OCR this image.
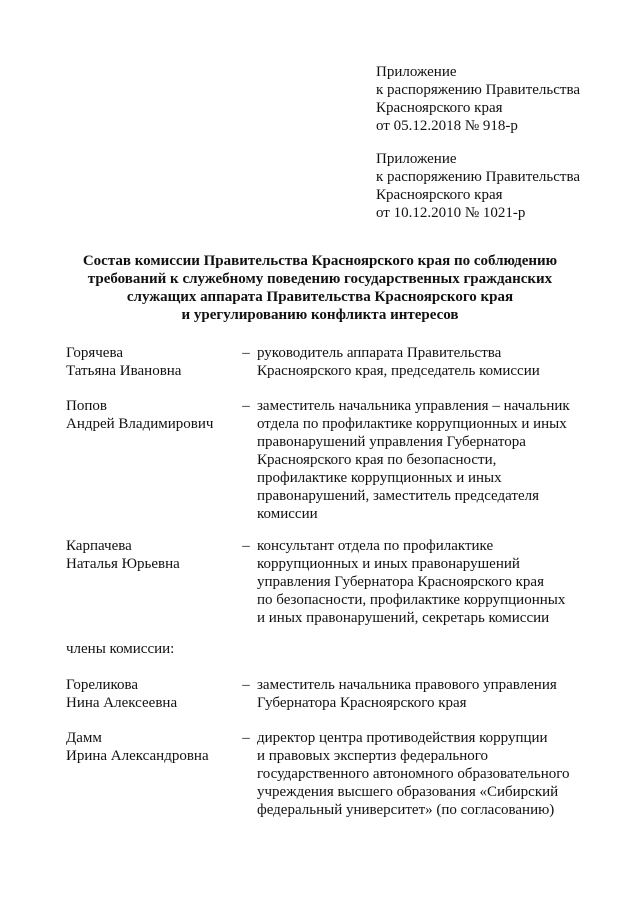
Приложение
к распоряжению Правительства
Красноярского края
от 05.12.2018 № 918-р
Приложение
к распоряжению Правительства
Красноярского края
от 10.12.2010 № 1021-р
Состав комиссии Правительства Красноярского края по соблюдению
требований к служебному поведению государственных гражданских
служащих аппарата Правительства Красноярского края
и урегулированию конфликта интересов
Горячева
Татьяна Ивановна
– руководитель аппарата Правительства
Красноярского края, председатель комиссии
Попов
Андрей Владимирович
– заместитель начальника управления – начальник
отдела по профилактике коррупционных и иных
правонарушений управления Губернатора
Красноярского края по безопасности,
профилактике коррупционных и иных
правонарушений, заместитель председателя
комиссии
Карпачева
Наталья Юрьевна
– консультант отдела по профилактике
коррупционных и иных правонарушений
управления Губернатора Красноярского края
по безопасности, профилактике коррупционных
и иных правонарушений, секретарь комиссии
члены комиссии:
Гореликова
Нина Алексеевна
– заместитель начальника правового управления
Губернатора Красноярского края
Дамм
Ирина Александровна
– директор центра противодействия коррупции
и правовых экспертиз федерального
государственного автономного образовательного
учреждения высшего образования «Сибирский
федеральный университет» (по согласованию)
